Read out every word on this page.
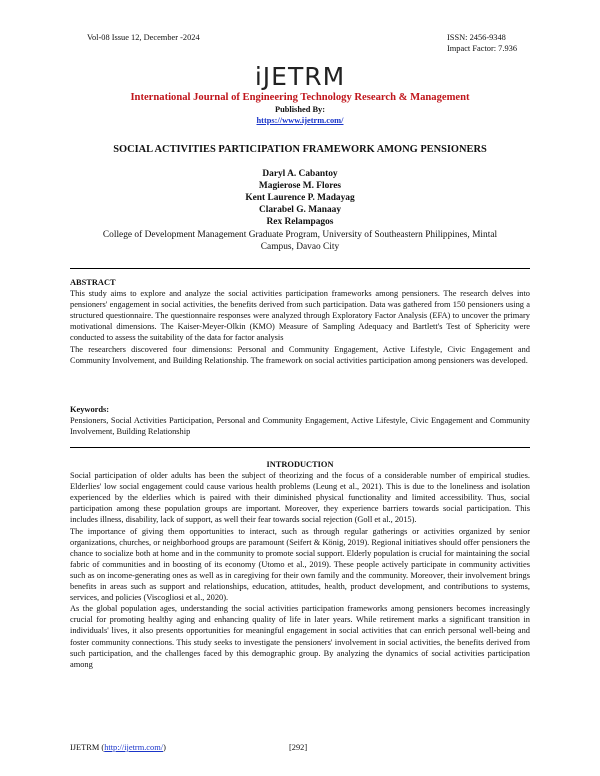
Vol-08 Issue 12, December -2024	ISSN: 2456-9348
Impact Factor: 7.936
iJETRM
International Journal of Engineering Technology Research & Management
Published By:
https://www.ijetrm.com/
SOCIAL ACTIVITIES PARTICIPATION FRAMEWORK AMONG PENSIONERS
Daryl A. Cabantoy
Magierose M. Flores
Kent Laurence P. Madayag
Clarabel G. Manaay
Rex Relampagos
College of Development Management Graduate Program, University of Southeastern Philippines, Mintal
Campus, Davao City
ABSTRACT

This study aims to explore and analyze the social activities participation frameworks among pensioners. The research delves into pensioners' engagement in social activities, the benefits derived from such participation. Data was gathered from 150 pensioners using a structured questionnaire. The questionnaire responses were analyzed through Exploratory Factor Analysis (EFA) to uncover the primary motivational dimensions. The Kaiser-Meyer-Olkin (KMO) Measure of Sampling Adequacy and Bartlett's Test of Sphericity were conducted to assess the suitability of the data for factor analysis

The researchers discovered four dimensions: Personal and Community Engagement, Active Lifestyle, Civic Engagement and Community Involvement, and Building Relationship. The framework on social activities participation among pensioners was developed.

Keywords:

Pensioners, Social Activities Participation, Personal and Community Engagement, Active Lifestyle, Civic Engagement and Community Involvement, Building Relationship

INTRODUCTION

Social participation of older adults has been the subject of theorizing and the focus of a considerable number of empirical studies. Elderlies' low social engagement could cause various health problems (Leung et al., 2021). This is due to the loneliness and isolation experienced by the elderlies which is paired with their diminished physical functionality and limited accessibility. Thus, social participation among these population groups are important. Moreover, they experience barriers towards social participation. This includes illness, disability, lack of support, as well their fear towards social rejection (Goll et al., 2015).

The importance of giving them opportunities to interact, such as through regular gatherings or activities organized by senior organizations, churches, or neighborhood groups are paramount (Seifert & König, 2019). Regional initiatives should offer pensioners the chance to socialize both at home and in the community to promote social support. Elderly population is crucial for maintaining the social fabric of communities and in boosting of its economy (Utomo et al., 2019). These people actively participate in community activities such as on income-generating ones as well as in caregiving for their own family and the community. Moreover, their involvement brings benefits in areas such as support and relationships, education, attitudes, health, product development, and contributions to systems, services, and policies (Viscogliosi et al., 2020).

As the global population ages, understanding the social activities participation frameworks among pensioners becomes increasingly crucial for promoting healthy aging and enhancing quality of life in later years. While retirement marks a significant transition in individuals' lives, it also presents opportunities for meaningful engagement in social activities that can enrich personal well-being and foster community connections. This study seeks to investigate the pensioners' involvement in social activities, the benefits derived from such participation, and the challenges faced by this demographic group. By analyzing the dynamics of social activities participation among

IJETRM (http://ijetrm.com/)	[292]
